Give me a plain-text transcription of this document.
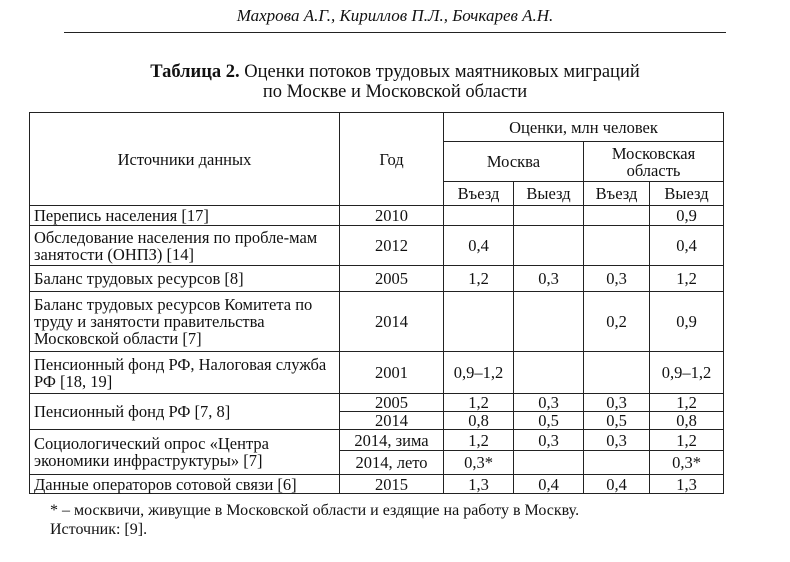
Махрова А.Г., Кириллов П.Л., Бочкарев А.Н.
Таблица 2. Оценки потоков трудовых маятниковых миграций
по Москве и Московской области
Источники данных	Год	Оценки, млн человек			
		Москва		Московская область	
		Въезд	Выезд	Въезд	Выезд
Перепись населения [17]	2010				0,9
Обследование населения по пробле-мам занятости (ОНПЗ) [14]	2012	0,4			0,4
Баланс трудовых ресурсов [8]	2005	1,2	0,3	0,3	1,2
Баланс трудовых ресурсов Комитета по труду и занятости правительства Московской области [7]	2014			0,2	0,9
Пенсионный фонд РФ, Налоговая служба РФ [18, 19]	2001	0,9–1,2			0,9–1,2
Пенсионный фонд РФ [7, 8]	2005	1,2	0,3	0,3	1,2
	2014	0,8	0,5	0,5	0,8
Социологический опрос «Центра экономики инфраструктуры» [7]	2014, зима	1,2	0,3	0,3	1,2
	2014, лето	0,3*			0,3*
Данные операторов сотовой связи [6]	2015	1,3	0,4	0,4	1,3
* – москвичи, живущие в Московской области и ездящие на работу в Москву.
Источник: [9].
